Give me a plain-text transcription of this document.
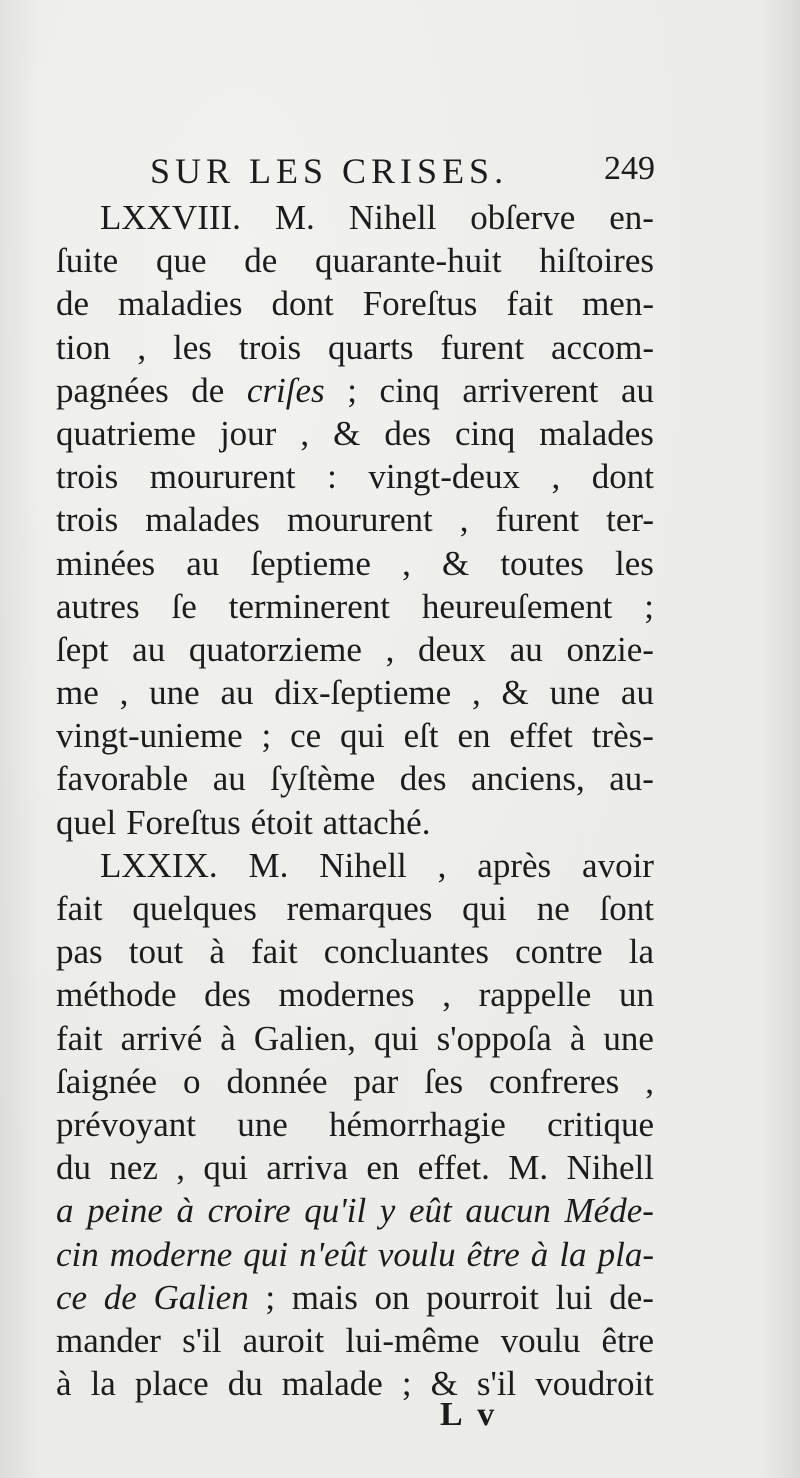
SUR LES CRISES.	249
LXXVIII. M. Nihell obſerve en-
ſuite que de quarante-huit hiſtoires
de maladies dont Foreſtus fait men-
tion , les trois quarts furent accom-
pagnées de criſes ; cinq arriverent au
quatrieme jour , & des cinq malades
trois moururent : vingt-deux , dont
trois malades moururent , furent ter-
minées au ſeptieme , & toutes les
autres ſe terminerent heureuſement ;
ſept au quatorzieme , deux au onzie-
me , une au dix-ſeptieme , & une au
vingt-unieme ; ce qui eſt en effet très-
favorable au ſyſtème des anciens, au-
quel Foreſtus étoit attaché.
LXXIX. M. Nihell , après avoir
fait quelques remarques qui ne ſont
pas tout à fait concluantes contre la
méthode des modernes , rappelle un
fait arrivé à Galien, qui s'oppoſa à une
ſaignée o donnée par ſes confreres ,
prévoyant une hémorrhagie critique
du nez , qui arriva en effet. M. Nihell
a peine à croire qu'il y eût aucun Méde-
cin moderne qui n'eût voulu être à la pla-
ce de Galien ; mais on pourroit lui de-
mander s'il auroit lui-même voulu être
à la place du malade ; & s'il voudroit
L v
